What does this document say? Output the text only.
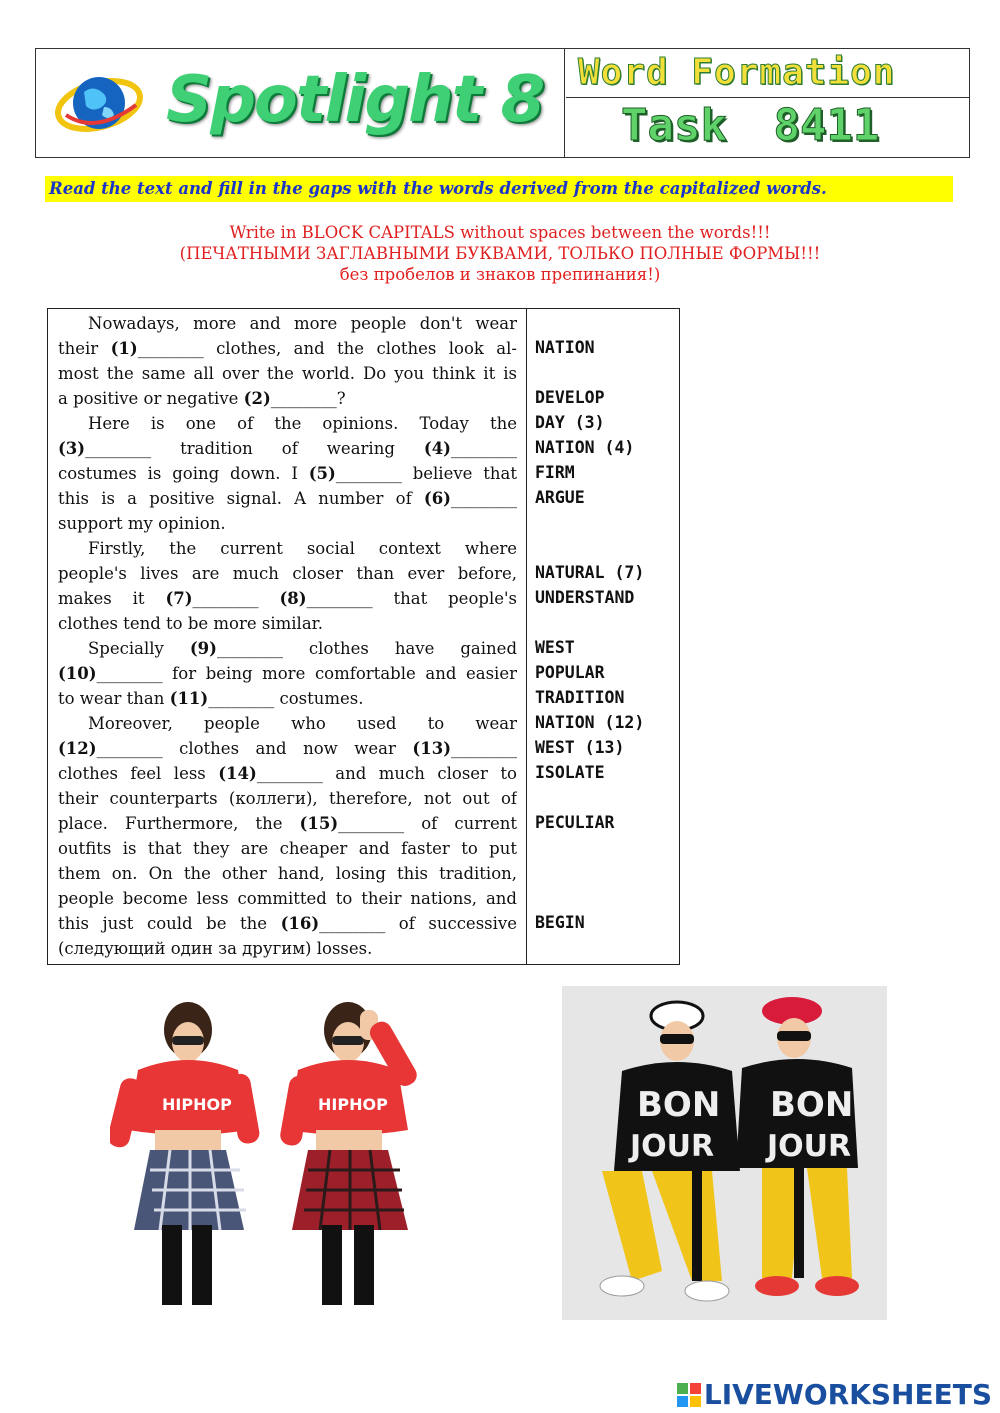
Spotlight 8 Word Formation
Task 8411
Read the text and fill in the gaps with the words derived from the capitalized words.
Write in BLOCK CAPITALS without spaces between the words!!!
(ПЕЧАТНЫМИ ЗАГЛАВНЫМИ БУКВАМИ, ТОЛЬКО ПОЛНЫЕ ФОРМЫ!!!
без пробелов и знаков препинания!)
Nowadays, more and more people don't wear
their (1)________ clothes, and the clothes look al-
most the same all over the world. Do you think it is
a positive or negative (2)________?
Here is one of the opinions. Today the
(3)________ tradition of wearing (4)________
costumes is going down. I (5)________ believe that
this is a positive signal. A number of (6)________
support my opinion.
Firstly, the current social context where
people's lives are much closer than ever before,
makes it (7)________ (8)________ that people's
clothes tend to be more similar.
Specially (9)________ clothes have gained
(10)________ for being more comfortable and easier
to wear than (11)________ costumes.
Moreover, people who used to wear
(12)________ clothes and now wear (13)________
clothes feel less (14)________ and much closer to
their counterparts (коллеги), therefore, not out of
place. Furthermore, the (15)________ of current
outfits is that they are cheaper and faster to put
them on. On the other hand, losing this tradition,
people become less committed to their nations, and
this just could be the (16)________ of successive
(следующий один за другим) losses.
NATION
DEVELOP
DAY (3)
NATION (4)
FIRM
ARGUE
NATURAL (7)
UNDERSTAND
WEST
POPULAR
TRADITION
NATION (12)
WEST (13)
ISOLATE
PECULIAR
BEGIN
HIPHOP	HIPHOP	BON
JOUR
BON
JOUR
LIVEWORKSHEETS
